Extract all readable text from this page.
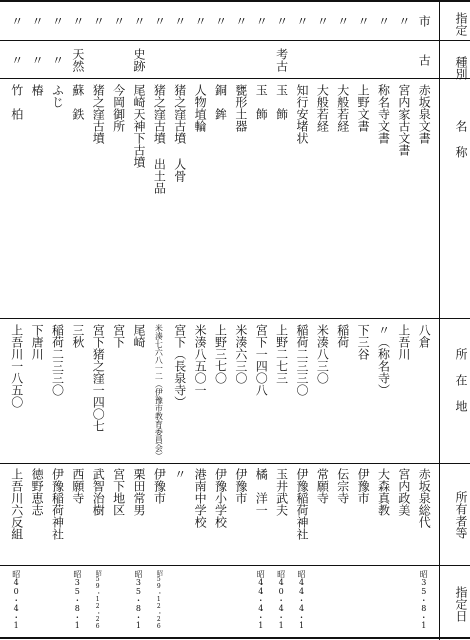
指定
種別
名 称
所 在 地
所有者等
指定日
市
古
赤坂泉文書
八倉
赤坂泉総代
昭35・8・1
〃
宮内家古文書
上吾川
宮内政美
〃
称名寺文書
〃（称名寺）
大森真教
〃
上野文書
下三谷
伊豫市
〃
大般若経
稲荷
伝宗寺
〃
大般若経
米湊八三〇
常願寺
〃
知行安堵状
稲荷二三三〇
伊豫稲荷神社
昭44・4・1
〃
考古
玉　飾
上野二七三
玉井武夫
昭40・4・1
〃
玉　飾
宮下一四〇八
橘　洋一
昭44・4・1
〃
甕形土器
米湊六三〇
伊豫市
〃
銅　鉾
上野三七〇
伊豫小学校
〃
人物埴輪
米湊八五〇一
港南中学校
〃
猪之窪古墳 人骨
宮下（長泉寺）
〃
〃
猪之窪古墳 出土品
米湊七六八一二（伊豫市教育委員会）
伊豫市
昭59・12・26
〃
史跡
尾崎天神下古墳
尾崎
栗田常男
昭35・8・1
〃
今岡御所
宮下
宮下地区
〃
猪之窪古墳
宮下猪之窪一四〇七
武智治樹
昭59・12・26
〃
天然
蘇　鉄
三秋
西願寺
昭35・8・1
〃
〃
ふじ
稲荷二三三〇
伊豫稲荷神社
〃
〃
椿
下唐川
徳野恵志
〃
〃
竹　柏
上吾川一八五〇
上吾川六反組
昭40・4・1
